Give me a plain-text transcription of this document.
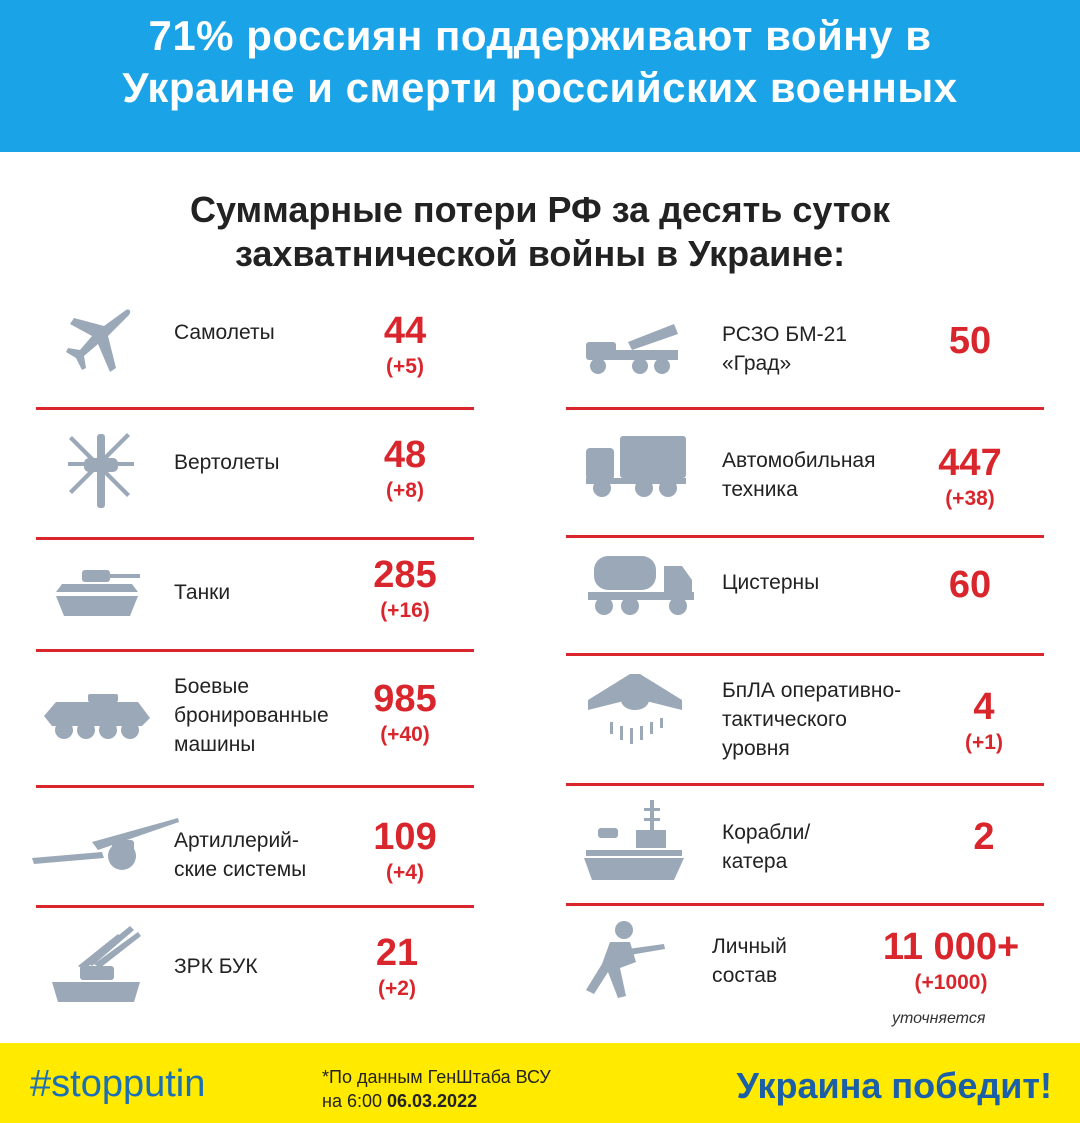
71% россиян поддерживают войну в
Украине и смерти российских военных
Суммарные потери РФ за десять суток
захватнической войны в Украине:
Самолеты	44
(+5)
Вертолеты	48
(+8)
Танки	285
(+16)
Боевые
бронированные
машины
985
(+40)
Артиллерий-
ские системы
109
(+4)
ЗРК БУК	21
(+2)
РСЗО БМ-21
«Град»
50
Автомобильная
техника
447
(+38)
Цистерны	60
БпЛА оперативно-
тактического
уровня
4
(+1)
Корабли/
катера
2
Личный
состав
11 000+
(+1000)
уточняется
#stopputin	*По данным ГенШтаба ВСУ
на 6:00 06.03.2022	Украина победит!
